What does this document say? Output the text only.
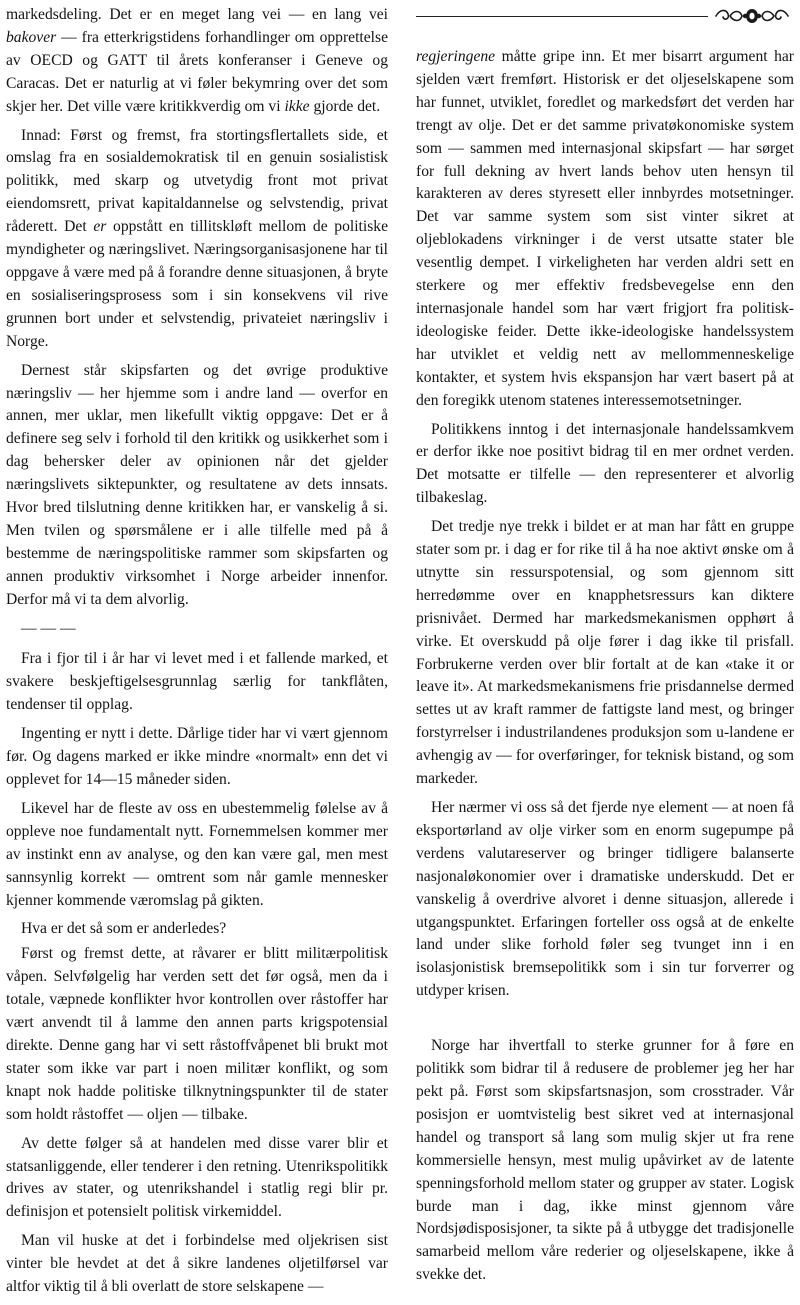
markedsdeling. Det er en meget lang vei — en lang vei bakover — fra etterkrigstidens forhandlinger om opprettelse av OECD og GATT til årets konferanser i Geneve og Caracas. Det er naturlig at vi føler bekymring over det som skjer her. Det ville være kritikkverdig om vi ikke gjorde det.

Innad: Først og fremst, fra stortingsflertallets side, et omslag fra en sosialdemokratisk til en genuin sosialistisk politikk, med skarp og utvetydig front mot privat eiendomsrett, privat kapitaldannelse og selvstendig, privat råderett. Det er oppstått en tillitskløft mellom de politiske myndigheter og næringslivet. Næringsorganisasjonene har til oppgave å være med på å forandre denne situasjonen, å bryte en sosialiseringsprosess som i sin konsekvens vil rive grunnen bort under et selvstendig, privateiet næringsliv i Norge.

Dernest står skipsfarten og det øvrige produktive næringsliv — her hjemme som i andre land — overfor en annen, mer uklar, men likefullt viktig oppgave: Det er å definere seg selv i forhold til den kritikk og usikkerhet som i dag behersker deler av opinionen når det gjelder næringslivets siktepunkter, og resultatene av dets innsats. Hvor bred tilslutning denne kritikken har, er vanskelig å si. Men tvilen og spørsmålene er i alle tilfelle med på å bestemme de næringspolitiske rammer som skipsfarten og annen produktiv virksomhet i Norge arbeider innenfor. Derfor må vi ta dem alvorlig.

— — —

Fra i fjor til i år har vi levet med i et fallende marked, et svakere beskjeftigelsesgrunnlag særlig for tankflåten, tendenser til opplag.

Ingenting er nytt i dette. Dårlige tider har vi vært gjennom før. Og dagens marked er ikke mindre «normalt» enn det vi opplevet for 14—15 måneder siden.

Likevel har de fleste av oss en ubestemmelig følelse av å oppleve noe fundamentalt nytt. Fornemmelsen kommer mer av instinkt enn av analyse, og den kan være gal, men mest sannsynlig korrekt — omtrent som når gamle mennesker kjenner kommende væromslag på gikten.

Hva er det så som er anderledes?

Først og fremst dette, at råvarer er blitt militærpolitisk våpen. Selvfølgelig har verden sett det før også, men da i totale, væpnede konflikter hvor kontrollen over råstoffer har vært anvendt til å lamme den annen parts krigspotensial direkte. Denne gang har vi sett råstoffvåpenet bli brukt mot stater som ikke var part i noen militær konflikt, og som knapt nok hadde politiske tilknytningspunkter til de stater som holdt råstoffet — oljen — tilbake.

Av dette følger så at handelen med disse varer blir et statsanliggende, eller tenderer i den retning. Utenrikspolitikk drives av stater, og utenrikshandel i statlig regi blir pr. definisjon et potensielt politisk virkemiddel.

Man vil huske at det i forbindelse med oljekrisen sist vinter ble hevdet at det å sikre landenes oljetilførsel var altfor viktig til å bli overlatt de store selskapene —

regjeringene måtte gripe inn. Et mer bisarrt argument har sjelden vært fremført. Historisk er det oljeselskapene som har funnet, utviklet, foredlet og markedsført det verden har trengt av olje. Det er det samme privatøkonomiske system som — sammen med internasjonal skipsfart — har sørget for full dekning av hvert lands behov uten hensyn til karakteren av deres styresett eller innbyrdes motsetninger. Det var samme system som sist vinter sikret at oljeblokadens virkninger i de verst utsatte stater ble vesentlig dempet. I virkeligheten har verden aldri sett en sterkere og mer effektiv fredsbevegelse enn den internasjonale handel som har vært frigjort fra politisk-ideologiske feider. Dette ikke-ideologiske handelssystem har utviklet et veldig nett av mellommenneskelige kontakter, et system hvis ekspansjon har vært basert på at den foregikk utenom statenes interessemotsetninger.

Politikkens inntog i det internasjonale handelssamkvem er derfor ikke noe positivt bidrag til en mer ordnet verden. Det motsatte er tilfelle — den representerer et alvorlig tilbakeslag.

Det tredje nye trekk i bildet er at man har fått en gruppe stater som pr. i dag er for rike til å ha noe aktivt ønske om å utnytte sin ressurspotensial, og som gjennom sitt herredømme over en knapphetsressurs kan diktere prisnivået. Dermed har markedsmekanismen opphørt å virke. Et overskudd på olje fører i dag ikke til prisfall. Forbrukerne verden over blir fortalt at de kan «take it or leave it». At markedsmekanismens frie prisdannelse dermed settes ut av kraft rammer de fattigste land mest, og bringer forstyrrelser i industrilandenes produksjon som u-landene er avhengig av — for overføringer, for teknisk bistand, og som markeder.

Her nærmer vi oss så det fjerde nye element — at noen få eksportørland av olje virker som en enorm sugepumpe på verdens valutareserver og bringer tidligere balanserte nasjonaløkonomier over i dramatiske underskudd. Det er vanskelig å overdrive alvoret i denne situasjon, allerede i utgangspunktet. Erfaringen forteller oss også at de enkelte land under slike forhold føler seg tvunget inn i en isolasjonistisk bremsepolitikk som i sin tur forverrer og utdyper krisen.

Norge har ihvertfall to sterke grunner for å føre en politikk som bidrar til å redusere de problemer jeg her har pekt på. Først som skipsfartsnasjon, som crosstrader. Vår posisjon er uomtvistelig best sikret ved at internasjonal handel og transport så lang som mulig skjer ut fra rene kommersielle hensyn, mest mulig upåvirket av de latente spenningsforhold mellom stater og grupper av stater. Logisk burde man i dag, ikke minst gjennom våre Nordsjødisposisjoner, ta sikte på å utbygge det tradisjonelle samarbeid mellom våre rederier og oljeselskapene, ikke å svekke det.
